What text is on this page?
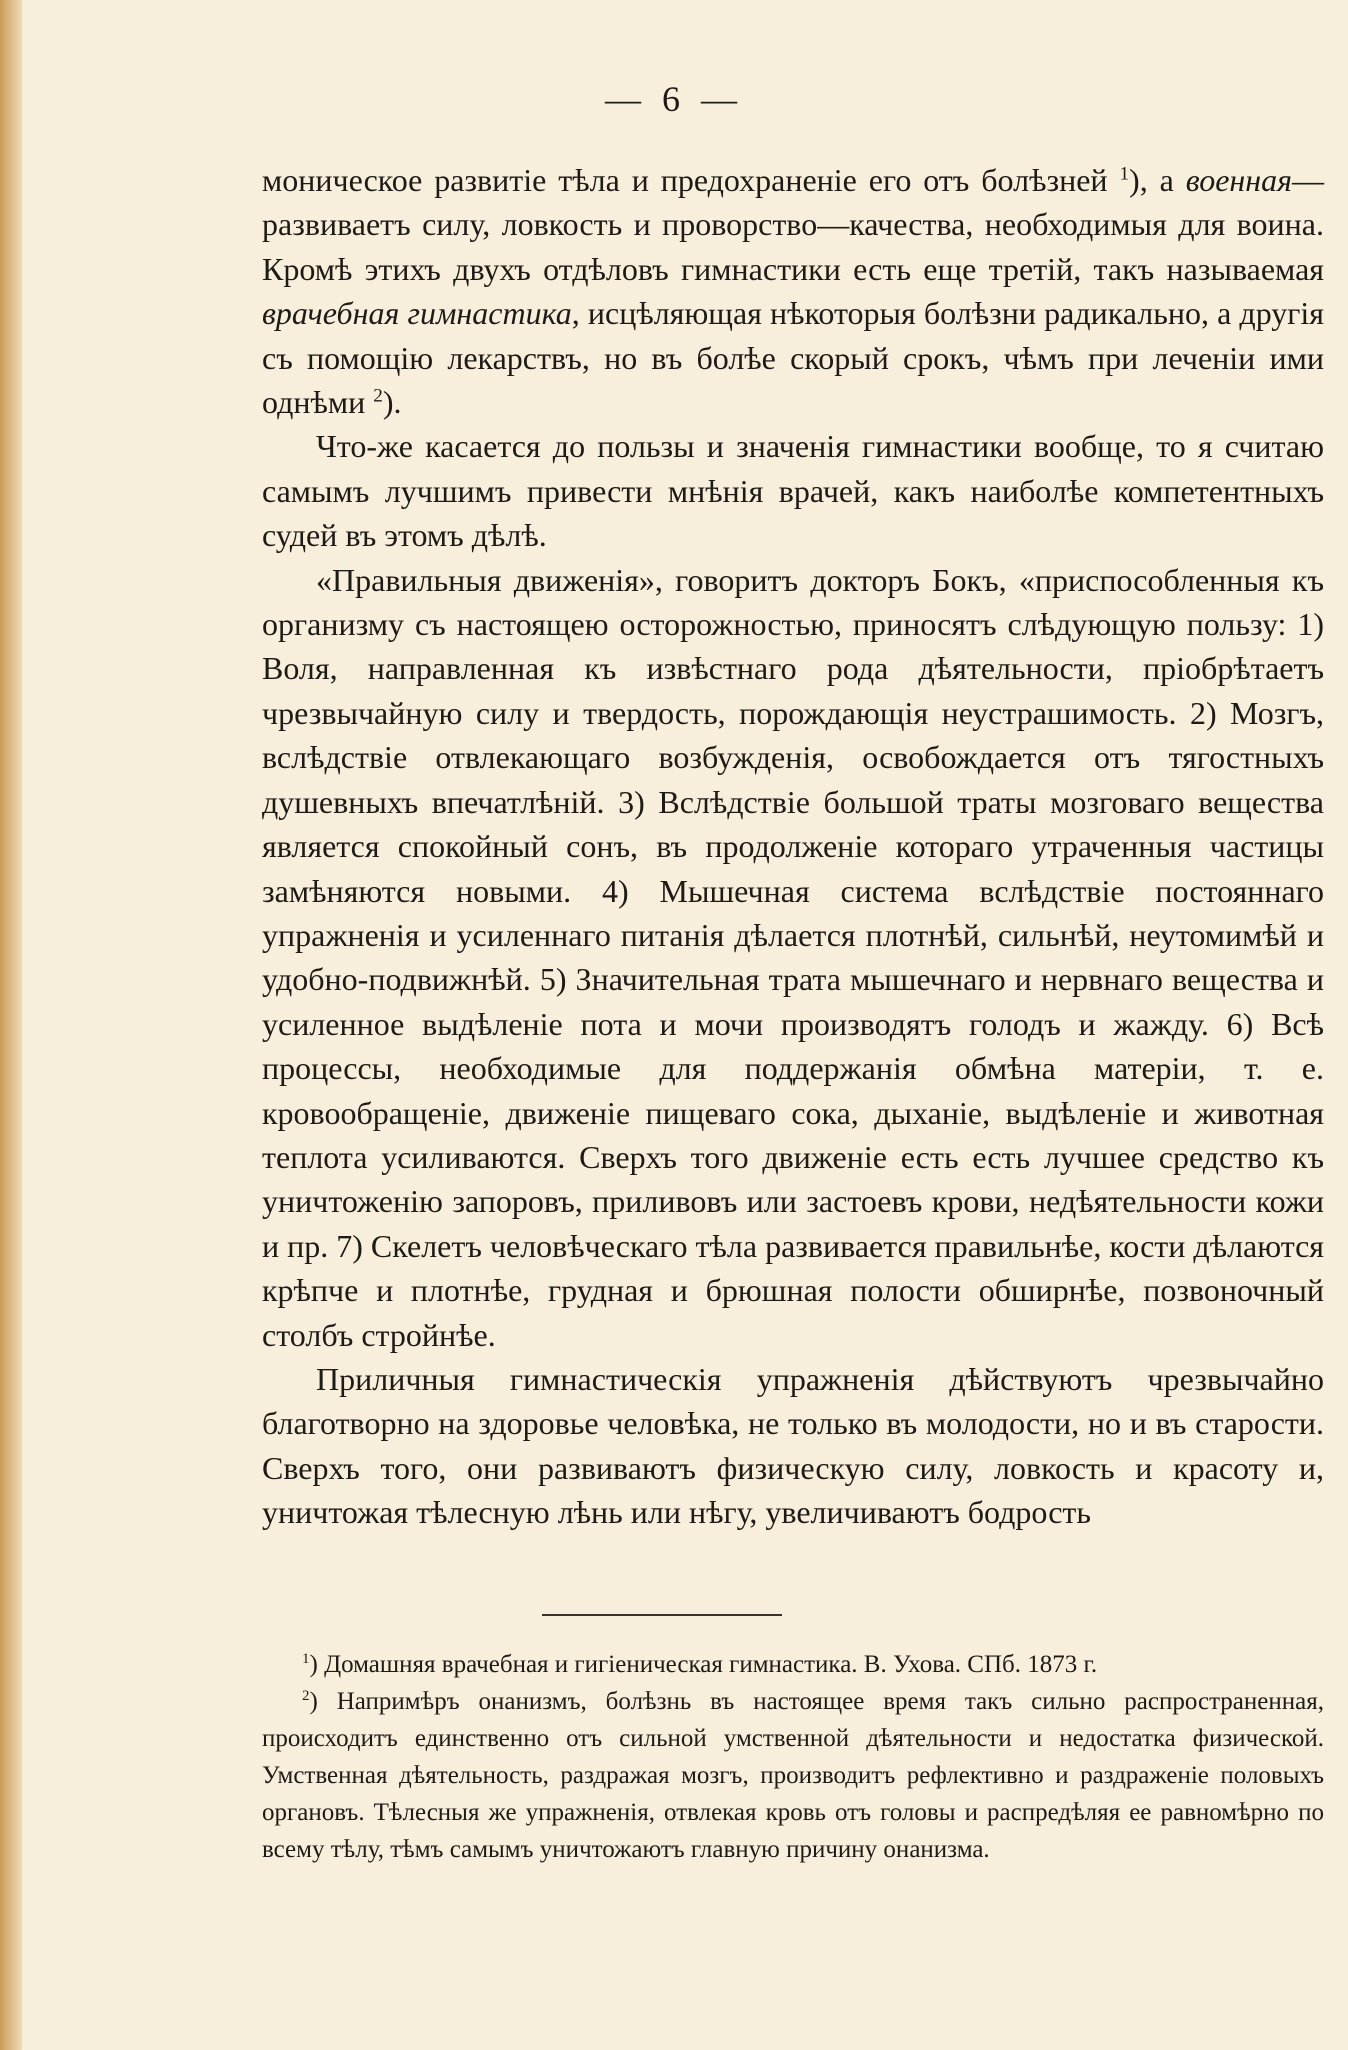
— 6 —

моническое развитіе тѣла и предохраненіе его отъ болѣзней $^1$), а военная—развиваетъ силу, ловкость и проворство—качества, необходимыя для воина. Кромѣ этихъ двухъ отдѣловъ гимнастики есть еще третій, такъ называемая врачебная гимнастика, исцѣляющая нѣкоторыя болѣзни радикально, а другія съ помощію лекарствъ, но въ болѣе скорый срокъ, чѣмъ при леченіи ими однѣми $^2$).

Что-же касается до пользы и значенія гимнастики вообще, то я считаю самымъ лучшимъ привести мнѣнія врачей, какъ наиболѣе компетентныхъ судей въ этомъ дѣлѣ.

«Правильныя движенія», говоритъ докторъ Бокъ, «приспособленныя къ организму съ настоящею осторожностью, приносятъ слѣдующую пользу: 1) Воля, направленная къ извѣстнаго рода дѣятельности, пріобрѣтаетъ чрезвычайную силу и твердость, порождающія неустрашимость. 2) Мозгъ, вслѣдствіе отвлекающаго возбужденія, освобождается отъ тягостныхъ душевныхъ впечатлѣній. 3) Вслѣдствіе большой траты мозговаго вещества является спокойный сонъ, въ продолженіе котораго утраченныя частицы замѣняются новыми. 4) Мышечная система вслѣдствіе постояннаго упражненія и усиленнаго питанія дѣлается плотнѣй, сильнѣй, неутомимѣй и удобно-подвижнѣй. 5) Значительная трата мышечнаго и нервнаго вещества и усиленное выдѣленіе пота и мочи производятъ голодъ и жажду. 6) Всѣ процессы, необходимые для поддержанія обмѣна матеріи, т. е. кровообращеніе, движеніе пищеваго сока, дыханіе, выдѣленіе и животная теплота усиливаются. Сверхъ того движеніе есть есть лучшее средство къ уничтоженію запоровъ, приливовъ или застоевъ крови, недѣятельности кожи и пр. 7) Скелетъ человѣческаго тѣла развивается правильнѣе, кости дѣлаются крѣпче и плотнѣе, грудная и брюшная полости обширнѣе, позвоночный столбъ стройнѣе.

Приличныя гимнастическія упражненія дѣйствуютъ чрезвычайно благотворно на здоровье человѣка, не только въ молодости, но и въ старости. Сверхъ того, они развиваютъ физическую силу, ловкость и красоту и, уничтожая тѣлесную лѣнь или нѣгу, увеличиваютъ бодрость

$^1$) Домашняя врачебная и гигіеническая гимнастика. В. Ухова. СПб. 1873 г.

$^2$) Напримѣръ онанизмъ, болѣзнь въ настоящее время такъ сильно распространенная, происходитъ единственно отъ сильной умственной дѣятельности и недостатка физической. Умственная дѣятельность, раздражая мозгъ, производитъ рефлективно и раздраженіе половыхъ органовъ. Тѣлесныя же упражненія, отвлекая кровь отъ головы и распредѣляя ее равномѣрно по всему тѣлу, тѣмъ самымъ уничтожаютъ главную причину онанизма.
